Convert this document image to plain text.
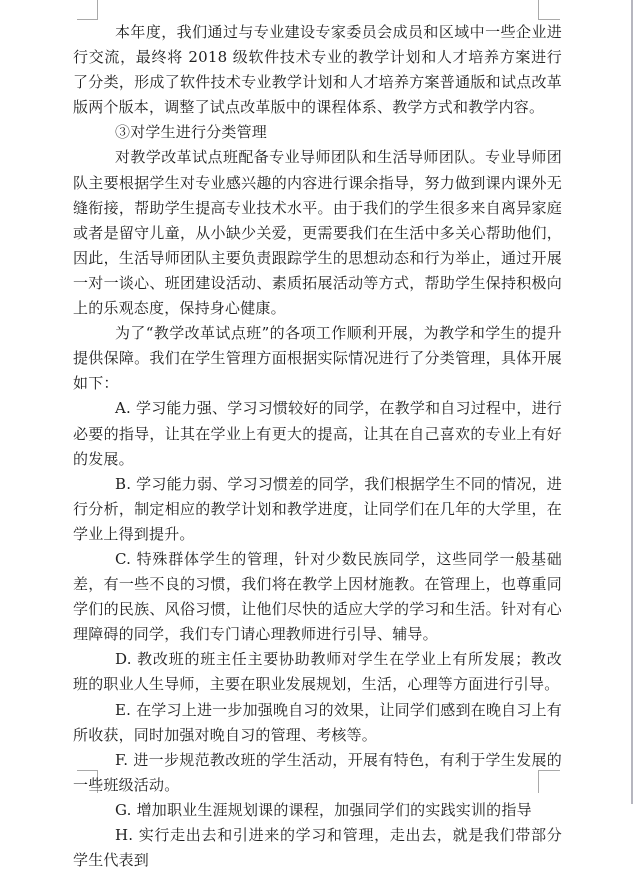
本年度，我们通过与专业建设专家委员会成员和区域中一些企业进行交流，最终将 2018 级软件技术专业的教学计划和人才培养方案进行了分类，形成了软件技术专业教学计划和人才培养方案普通版和试点改革版两个版本，调整了试点改革版中的课程体系、教学方式和教学内容。

③对学生进行分类管理

对教学改革试点班配备专业导师团队和生活导师团队。专业导师团队主要根据学生对专业感兴趣的内容进行课余指导，努力做到课内课外无缝衔接，帮助学生提高专业技术水平。由于我们的学生很多来自离异家庭或者是留守儿童，从小缺少关爱，更需要我们在生活中多关心帮助他们，因此，生活导师团队主要负责跟踪学生的思想动态和行为举止，通过开展一对一谈心、班团建设活动、素质拓展活动等方式，帮助学生保持积极向上的乐观态度，保持身心健康。

为了“教学改革试点班”的各项工作顺利开展，为教学和学生的提升提供保障。我们在学生管理方面根据实际情况进行了分类管理，具体开展如下：

A. 学习能力强、学习习惯较好的同学，在教学和自习过程中，进行必要的指导，让其在学业上有更大的提高，让其在自己喜欢的专业上有好的发展。

B. 学习能力弱、学习习惯差的同学，我们根据学生不同的情况，进行分析，制定相应的教学计划和教学进度，让同学们在几年的大学里，在学业上得到提升。

C. 特殊群体学生的管理，针对少数民族同学，这些同学一般基础差，有一些不良的习惯，我们将在教学上因材施教。在管理上，也尊重同学们的民族、风俗习惯，让他们尽快的适应大学的学习和生活。针对有心理障碍的同学，我们专门请心理教师进行引导、辅导。

D. 教改班的班主任主要协助教师对学生在学业上有所发展；教改班的职业人生导师，主要在职业发展规划，生活，心理等方面进行引导。

E. 在学习上进一步加强晚自习的效果，让同学们感到在晚自习上有所收获，同时加强对晚自习的管理、考核等。

F. 进一步规范教改班的学生活动，开展有特色，有利于学生发展的一些班级活动。

G. 增加职业生涯规划课的课程，加强同学们的实践实训的指导

H. 实行走出去和引进来的学习和管理，走出去，就是我们带部分学生代表到
